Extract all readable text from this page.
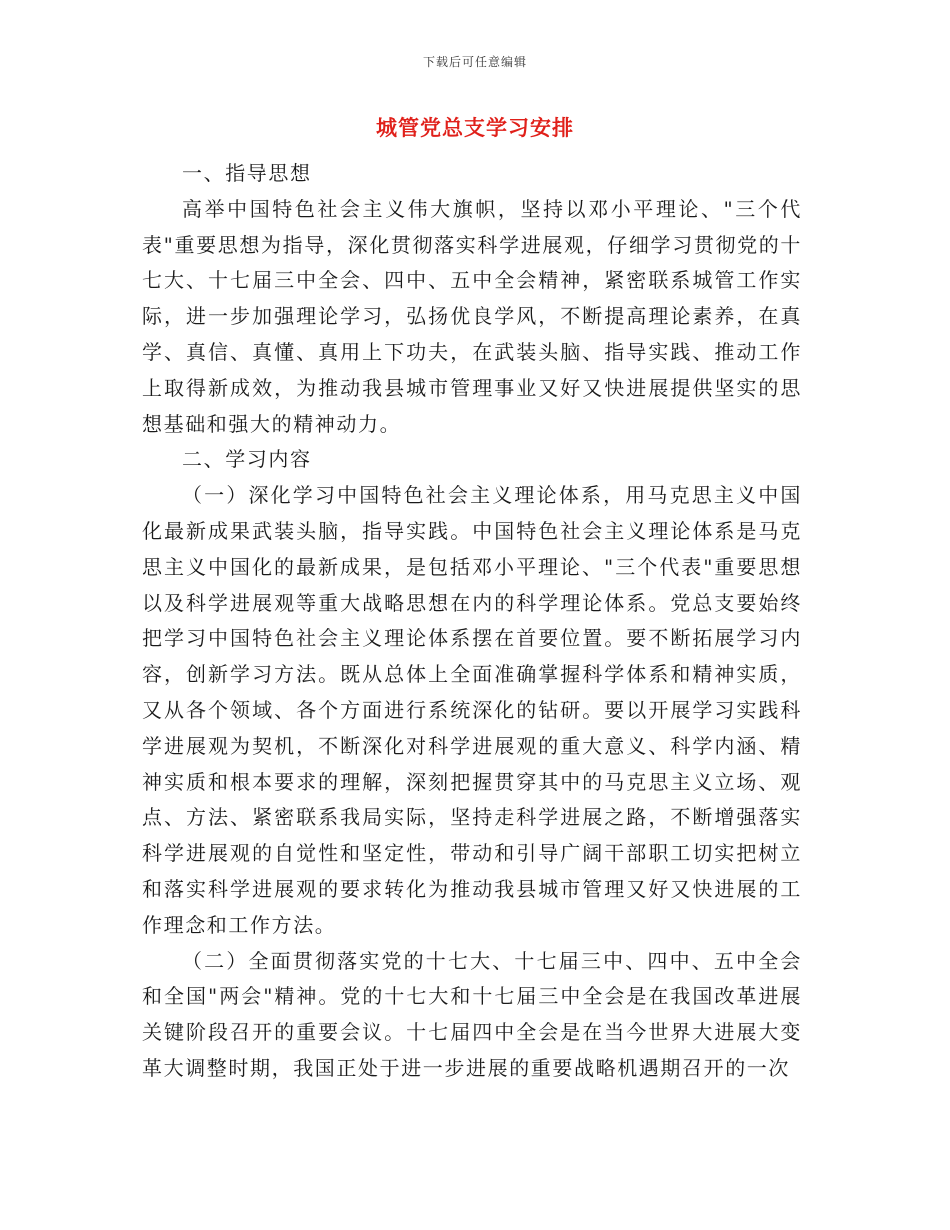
下载后可任意编辑
城管党总支学习安排

一、指导思想

高举中国特色社会主义伟大旗帜，坚持以邓小平理论、"三个代表"重要思想为指导，深化贯彻落实科学进展观，仔细学习贯彻党的十七大、十七届三中全会、四中、五中全会精神，紧密联系城管工作实际，进一步加强理论学习，弘扬优良学风，不断提高理论素养，在真学、真信、真懂、真用上下功夫，在武装头脑、指导实践、推动工作上取得新成效，为推动我县城市管理事业又好又快进展提供坚实的思想基础和强大的精神动力。

二、学习内容

（一）深化学习中国特色社会主义理论体系，用马克思主义中国化最新成果武装头脑，指导实践。中国特色社会主义理论体系是马克思主义中国化的最新成果，是包括邓小平理论、"三个代表"重要思想以及科学进展观等重大战略思想在内的科学理论体系。党总支要始终把学习中国特色社会主义理论体系摆在首要位置。要不断拓展学习内容，创新学习方法。既从总体上全面准确掌握科学体系和精神实质，又从各个领域、各个方面进行系统深化的钻研。要以开展学习实践科学进展观为契机，不断深化对科学进展观的重大意义、科学内涵、精神实质和根本要求的理解，深刻把握贯穿其中的马克思主义立场、观点、方法、紧密联系我局实际，坚持走科学进展之路，不断增强落实科学进展观的自觉性和坚定性，带动和引导广阔干部职工切实把树立和落实科学进展观的要求转化为推动我县城市管理又好又快进展的工作理念和工作方法。

（二）全面贯彻落实党的十七大、十七届三中、四中、五中全会和全国"两会"精神。党的十七大和十七届三中全会是在我国改革进展关键阶段召开的重要会议。十七届四中全会是在当今世界大进展大变革大调整时期，我国正处于进一步进展的重要战略机遇期召开的一次
